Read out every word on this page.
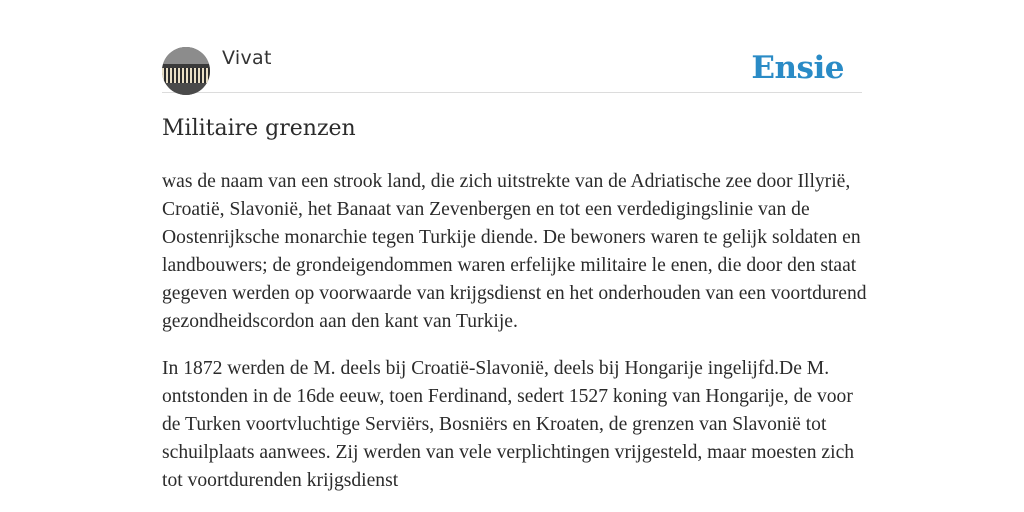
Vivat	Ensie
Militaire grenzen

was de naam van een strook land, die zich uitstrekte van de Adriatische zee door Illyrië, Croatië, Slavonië, het Banaat van Zevenbergen en tot een verdedigingslinie van de Oostenrijksche monarchie tegen Turkije diende. De bewoners waren te gelijk soldaten en landbouwers; de grondeigendommen waren erfelijke militaire le enen, die door den staat gegeven werden op voorwaarde van krijgsdienst en het onderhouden van een voortdurend gezondheidscordon aan den kant van Turkije.

In 1872 werden de M. deels bij Croatië-Slavonië, deels bij Hongarije ingelijfd.De M. ontstonden in de 16de eeuw, toen Ferdinand, sedert 1527 koning van Hongarije, de voor de Turken voortvluchtige Serviërs, Bosniërs en Kroaten, de grenzen van Slavonië tot schuilplaats aanwees. Zij werden van vele verplichtingen vrijgesteld, maar moesten zich tot voortdurenden krijgsdienst
